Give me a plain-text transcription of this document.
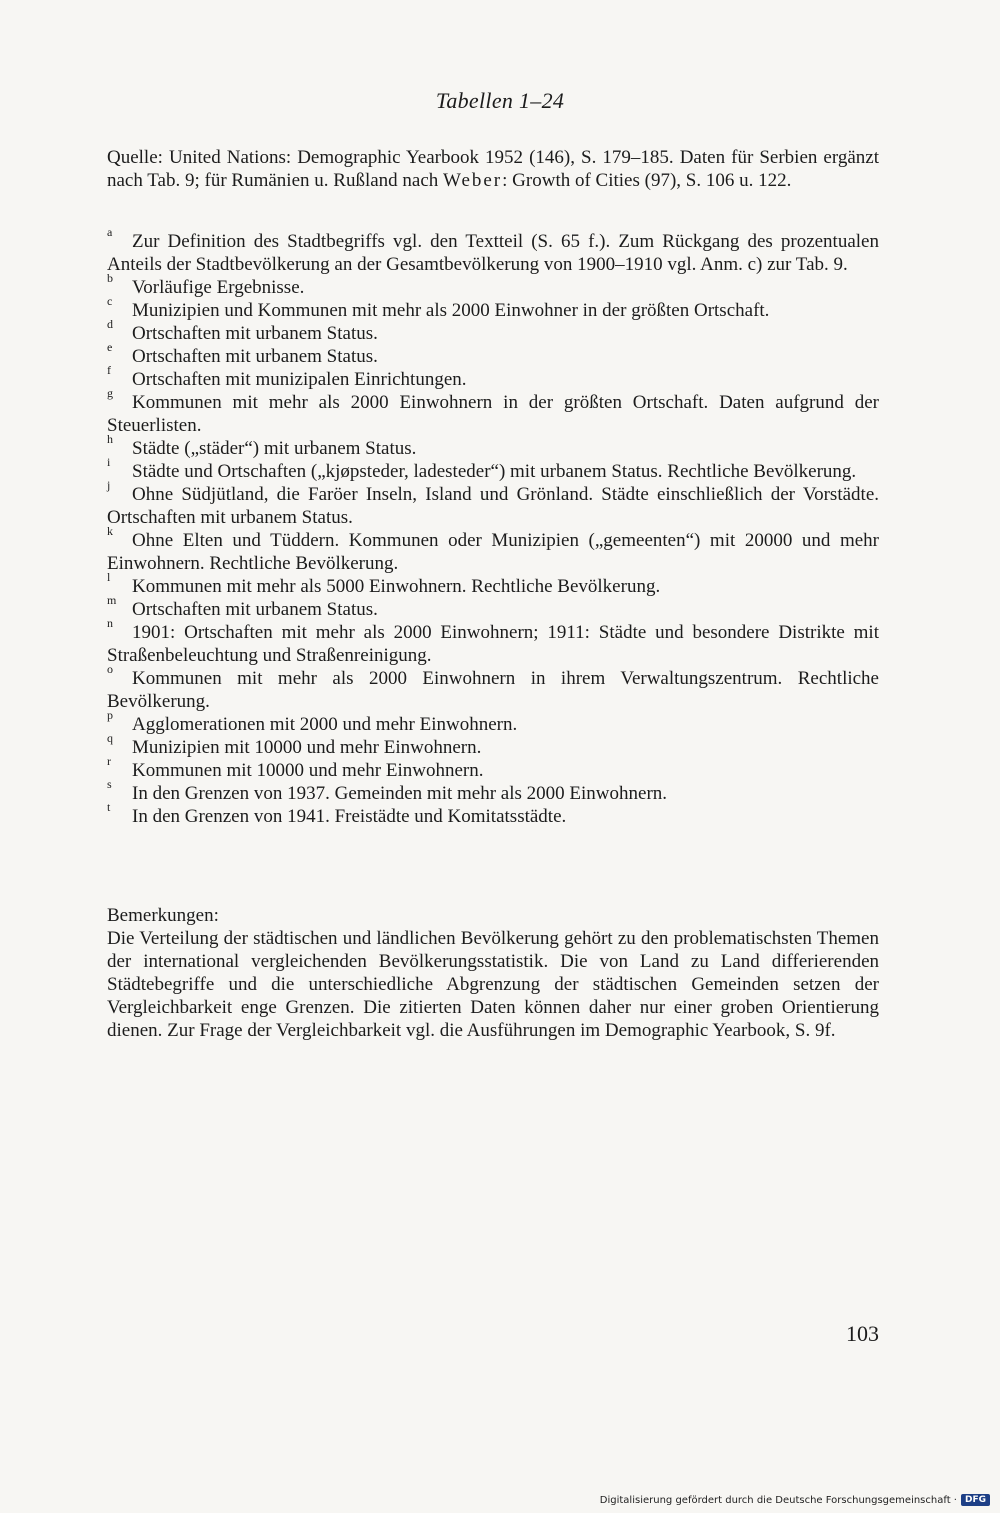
Tabellen 1–24
Quelle: United Nations: Demographic Yearbook 1952 (146), S. 179–185. Daten für Serbien ergänzt nach Tab. 9; für Rumänien u. Rußland nach Weber: Growth of Cities (97), S. 106 u. 122.
a	Zur Definition des Stadtbegriffs vgl. den Textteil (S. 65 f.). Zum Rückgang des prozentualen Anteils der Stadtbevölkerung an der Gesamtbevölkerung von 1900–1910 vgl. Anm. c) zur Tab. 9.
b	Vorläufige Ergebnisse.
c	Munizipien und Kommunen mit mehr als 2000 Einwohner in der größten Ortschaft.
d	Ortschaften mit urbanem Status.
e	Ortschaften mit urbanem Status.
f	Ortschaften mit munizipalen Einrichtungen.
g	Kommunen mit mehr als 2000 Einwohnern in der größten Ortschaft. Daten aufgrund der Steuerlisten.
h	Städte („städer“) mit urbanem Status.
i	Städte und Ortschaften („kjøpsteder, ladesteder“) mit urbanem Status. Rechtliche Bevölkerung.
j	Ohne Südjütland, die Faröer Inseln, Island und Grönland. Städte einschließlich der Vorstädte. Ortschaften mit urbanem Status.
k	Ohne Elten und Tüddern. Kommunen oder Munizipien („gemeenten“) mit 20000 und mehr Einwohnern. Rechtliche Bevölkerung.
l	Kommunen mit mehr als 5000 Einwohnern. Rechtliche Bevölkerung.
m Ortschaften mit urbanem Status.
n	1901: Ortschaften mit mehr als 2000 Einwohnern; 1911: Städte und besondere Distrikte mit Straßenbeleuchtung und Straßenreinigung.
o	Kommunen mit mehr als 2000 Einwohnern in ihrem Verwaltungszentrum. Rechtliche Bevölkerung.
p	Agglomerationen mit 2000 und mehr Einwohnern.
q	Munizipien mit 10000 und mehr Einwohnern.
r	Kommunen mit 10000 und mehr Einwohnern.
s	In den Grenzen von 1937. Gemeinden mit mehr als 2000 Einwohnern.
t	In den Grenzen von 1941. Freistädte und Komitatsstädte.
Bemerkungen:
Die Verteilung der städtischen und ländlichen Bevölkerung gehört zu den problematischsten Themen der international vergleichenden Bevölkerungsstatistik. Die von Land zu Land differierenden Städtebegriffe und die unterschiedliche Abgrenzung der städtischen Gemeinden setzen der Vergleichbarkeit enge Grenzen. Die zitierten Daten können daher nur einer groben Orientierung dienen. Zur Frage der Vergleichbarkeit vgl. die Ausführungen im Demographic Yearbook, S. 9f.
103
Digitalisierung gefördert durch die Deutsche Forschungsgemeinschaft · DFG
